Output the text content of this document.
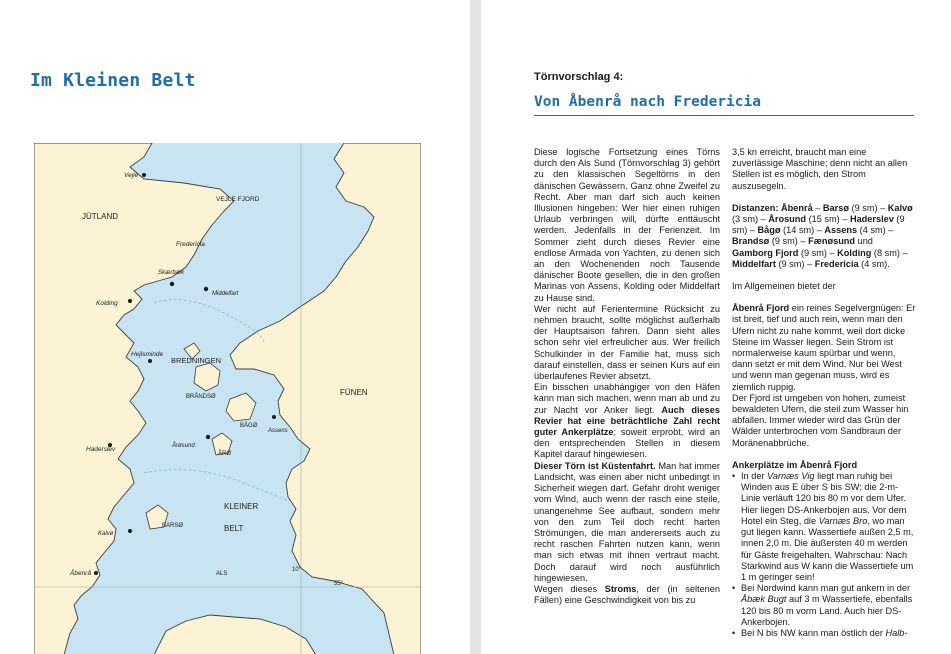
Im Kleinen Belt
Vejle
VEJLE FJORD
JÜTLAND
Fredericia
Skærbæk
Middelfart
Kolding
Hejlsminde
BREDNINGEN
BRÅNDSØ	FÜNEN
BÅGØ
Assens
Haderslev	Årøsund
ÅRØ
KLEINER
BELT
BARSØ
Kalvø
Åbenrå	ALS
10°
55°
Törnvorschlag 4:
Von Åbenrå nach Fredericia

Diese logische Fortsetzung eines Törns durch den Als Sund (Törnvorschlag 3) gehört zu den klassischen Segeltörns in den dänischen Gewässern. Ganz ohne Zweifel zu Recht. Aber man darf sich auch keinen Illusionen hingeben: Wer hier einen ruhigen Urlaub verbringen will, dürfte enttäuscht werden. Jedenfalls in der Ferienzeit. Im Sommer zieht durch dieses Revier eine endlose Armada von Yachten, zu denen sich an den Wochenenden noch Tausende dänischer Boote gesellen, die in den großen Marinas von Assens, Kolding oder Middelfart zu Hause sind.

Wer nicht auf Ferientermine Rücksicht zu nehmen braucht, sollte möglichst außerhalb der Hauptsaison fahren. Dann sieht alles schon sehr viel erfreulicher aus. Wer freilich Schulkinder in der Familie hat, muss sich darauf einstellen, dass er seinen Kurs auf ein überlaufenes Revier absetzt.

Ein bisschen unabhängiger von den Häfen kann man sich machen, wenn man ab und zu zur Nacht vor Anker liegt. Auch dieses Revier hat eine beträchtliche Zahl recht guter Ankerplätze; soweit erprobt, wird an den entsprechenden Stellen in diesem Kapitel darauf hingewiesen.

Dieser Törn ist Küstenfahrt. Man hat immer Landsicht, was einen aber nicht unbedingt in Sicherheit wiegen darf. Gefahr droht weniger vom Wind, auch wenn der rasch eine steile, unangenehme See aufbaut, sondern mehr von den zum Teil doch recht harten Strömungen, die man andererseits auch zu recht raschen Fahrten nutzen kann, wenn man sich etwas mit ihnen vertraut macht. Doch darauf wird noch ausführlich hingewiesen.

Wegen dieses Stroms, der (in seltenen Fällen) eine Geschwindigkeit von bis zu

3,5 kn erreicht, braucht man eine zuverlässige Maschine; denn nicht an allen Stellen ist es möglich, den Strom auszusegeln.

Distanzen: Åbenrå – Barsø (9 sm) – Kalvø (3 sm) – Årosund (15 sm) – Haderslev (9 sm) – Bågø (14 sm) – Assens (4 sm) – Brandsø (9 sm) – Fænøsund und Gamborg Fjord (9 sm) – Kolding (8 sm) – Middelfart (9 sm) – Fredericia (4 sm).

Im Allgemeinen bietet der

Åbenrå Fjord ein reines Segelvergnügen: Er ist breit, tief und auch rein, wenn man den Ufern nicht zu nahe kommt, weil dort dicke Steine im Wasser liegen. Sein Strom ist normalerweise kaum spürbar und wenn, dann setzt er mit dem Wind. Nur bei West und wenn man gegenan muss, wird es ziemlich ruppig.

Der Fjord ist umgeben von hohen, zumeist bewaldeten Ufern, die steil zum Wasser hin abfallen. Immer wieder wird das Grün der Wälder unterbrochen vom Sandbraun der Moränenabbrüche.

Ankerplätze im Åbenrå Fjord

• In der Varnæs Vig liegt man ruhig bei Winden aus E über S bis SW; die 2-m-Linie verläuft 120 bis 80 m vor dem Ufer. Hier liegen DS-Ankerbojen aus. Vor dem Hotel ein Steg, die Varnæs Bro, wo man gut liegen kann. Wassertiefe außen 2,5 m, innen 2,0 m. Die äußersten 40 m werden für Gäste freigehalten. Wahrschau: Nach Starkwind aus W kann die Wassertiefe um 1 m geringer sein!
• Bei Nordwind kann man gut ankern in der Åbæk Bugt auf 3 m Wassertiefe, ebenfalls 120 bis 80 m vorm Land. Auch hier DS-Ankerbojen.
• Bei N bis NW kann man östlich der Halb-
